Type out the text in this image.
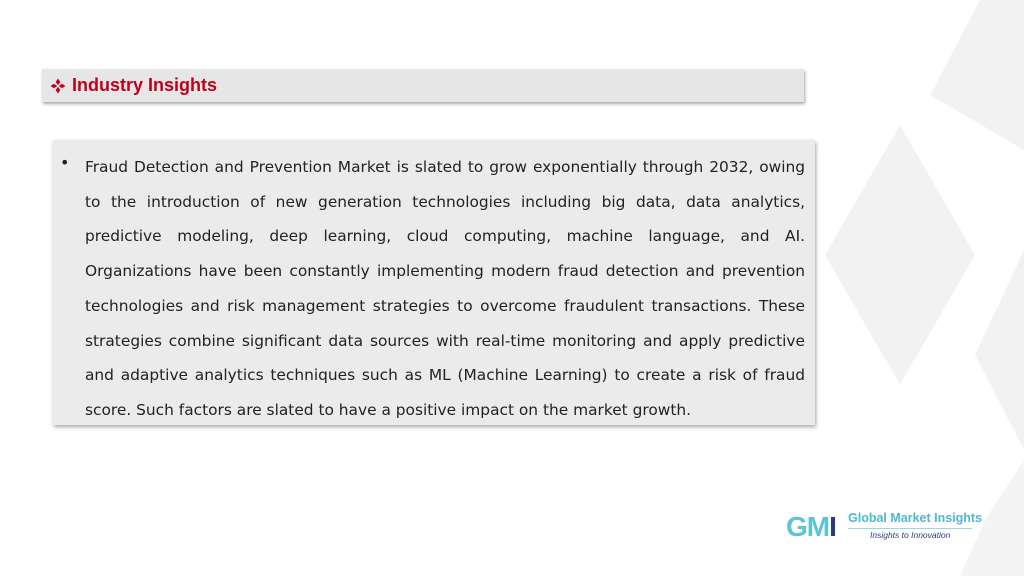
Industry Insights
• Fraud Detection and Prevention Market is slated to grow exponentially through 2032, owing to the introduction of new generation technologies including big data, data analytics, predictive modeling, deep learning, cloud computing, machine language, and AI. Organizations have been constantly implementing modern fraud detection and prevention technologies and risk management strategies to overcome fraudulent transactions. These strategies combine significant data sources with real-time monitoring and apply predictive and adaptive analytics techniques such as ML (Machine Learning) to create a risk of fraud score. Such factors are slated to have a positive impact on the market growth.

GMI Global Market Insights
Insights to Innovation
